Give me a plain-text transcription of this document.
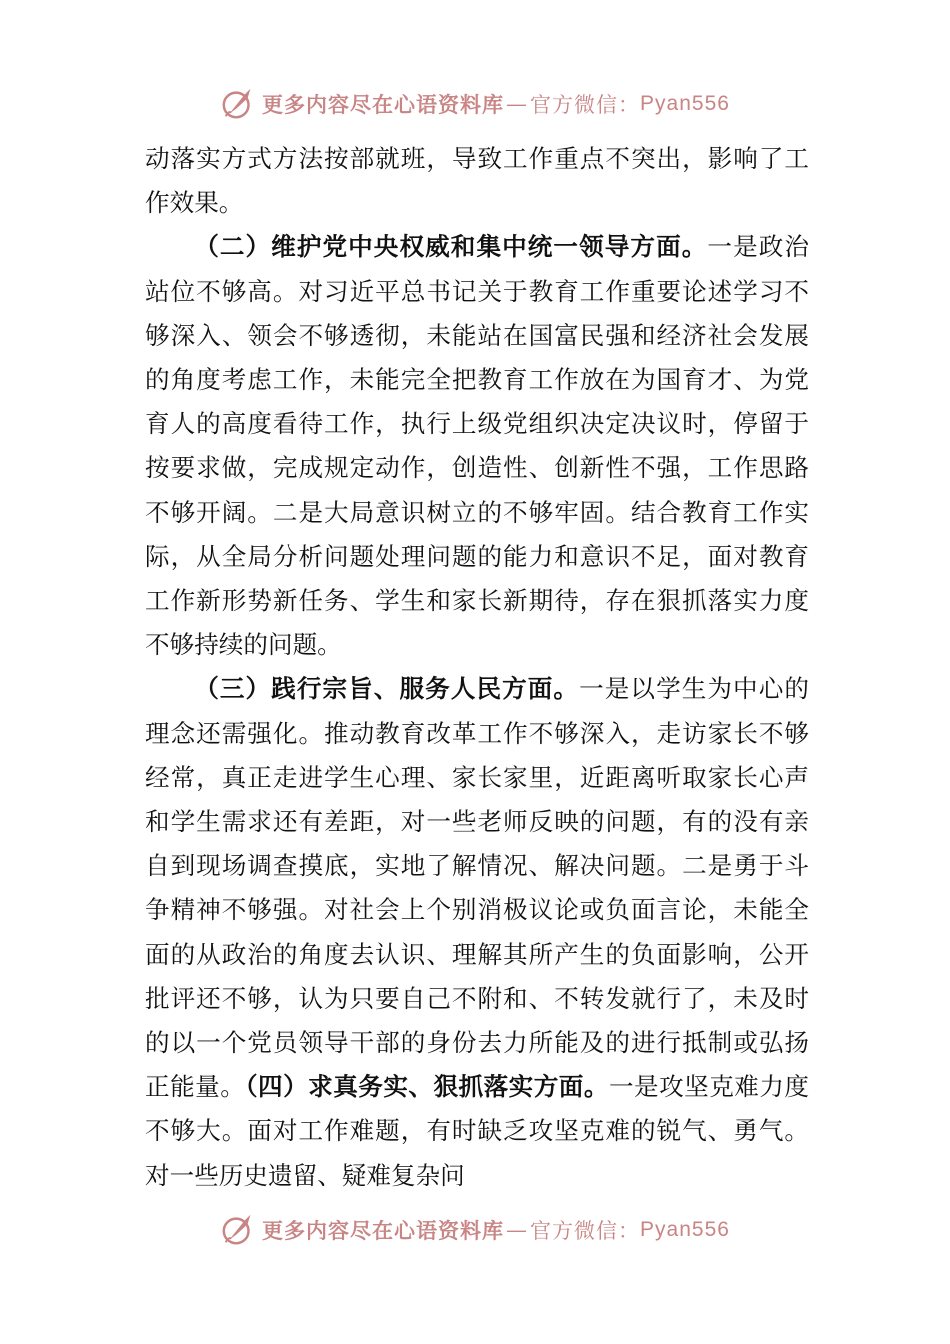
更多内容尽在心语资料库 — 官方微信： Pyan556

动落实方式方法按部就班，导致工作重点不突出，影响了工作效果。

（二）维护党中央权威和集中统一领导方面。一是政治站位不够高。对习近平总书记关于教育工作重要论述学习不够深入、领会不够透彻，未能站在国富民强和经济社会发展的角度考虑工作，未能完全把教育工作放在为国育才、为党育人的高度看待工作，执行上级党组织决定决议时，停留于按要求做，完成规定动作，创造性、创新性不强，工作思路不够开阔。二是大局意识树立的不够牢固。结合教育工作实际，从全局分析问题处理问题的能力和意识不足，面对教育工作新形势新任务、学生和家长新期待，存在狠抓落实力度不够持续的问题。

（三）践行宗旨、服务人民方面。一是以学生为中心的理念还需强化。推动教育改革工作不够深入，走访家长不够经常，真正走进学生心理、家长家里，近距离听取家长心声和学生需求还有差距，对一些老师反映的问题，有的没有亲自到现场调查摸底，实地了解情况、解决问题。二是勇于斗争精神不够强。对社会上个别消极议论或负面言论，未能全面的从政治的角度去认识、理解其所产生的负面影响，公开批评还不够，认为只要自己不附和、不转发就行了，未及时的以一个党员领导干部的身份去力所能及的进行抵制或弘扬正能量。（四）求真务实、狠抓落实方面。一是攻坚克难力度不够大。面对工作难题，有时缺乏攻坚克难的锐气、勇气。对一些历史遗留、疑难复杂问

更多内容尽在心语资料库 — 官方微信： Pyan556
